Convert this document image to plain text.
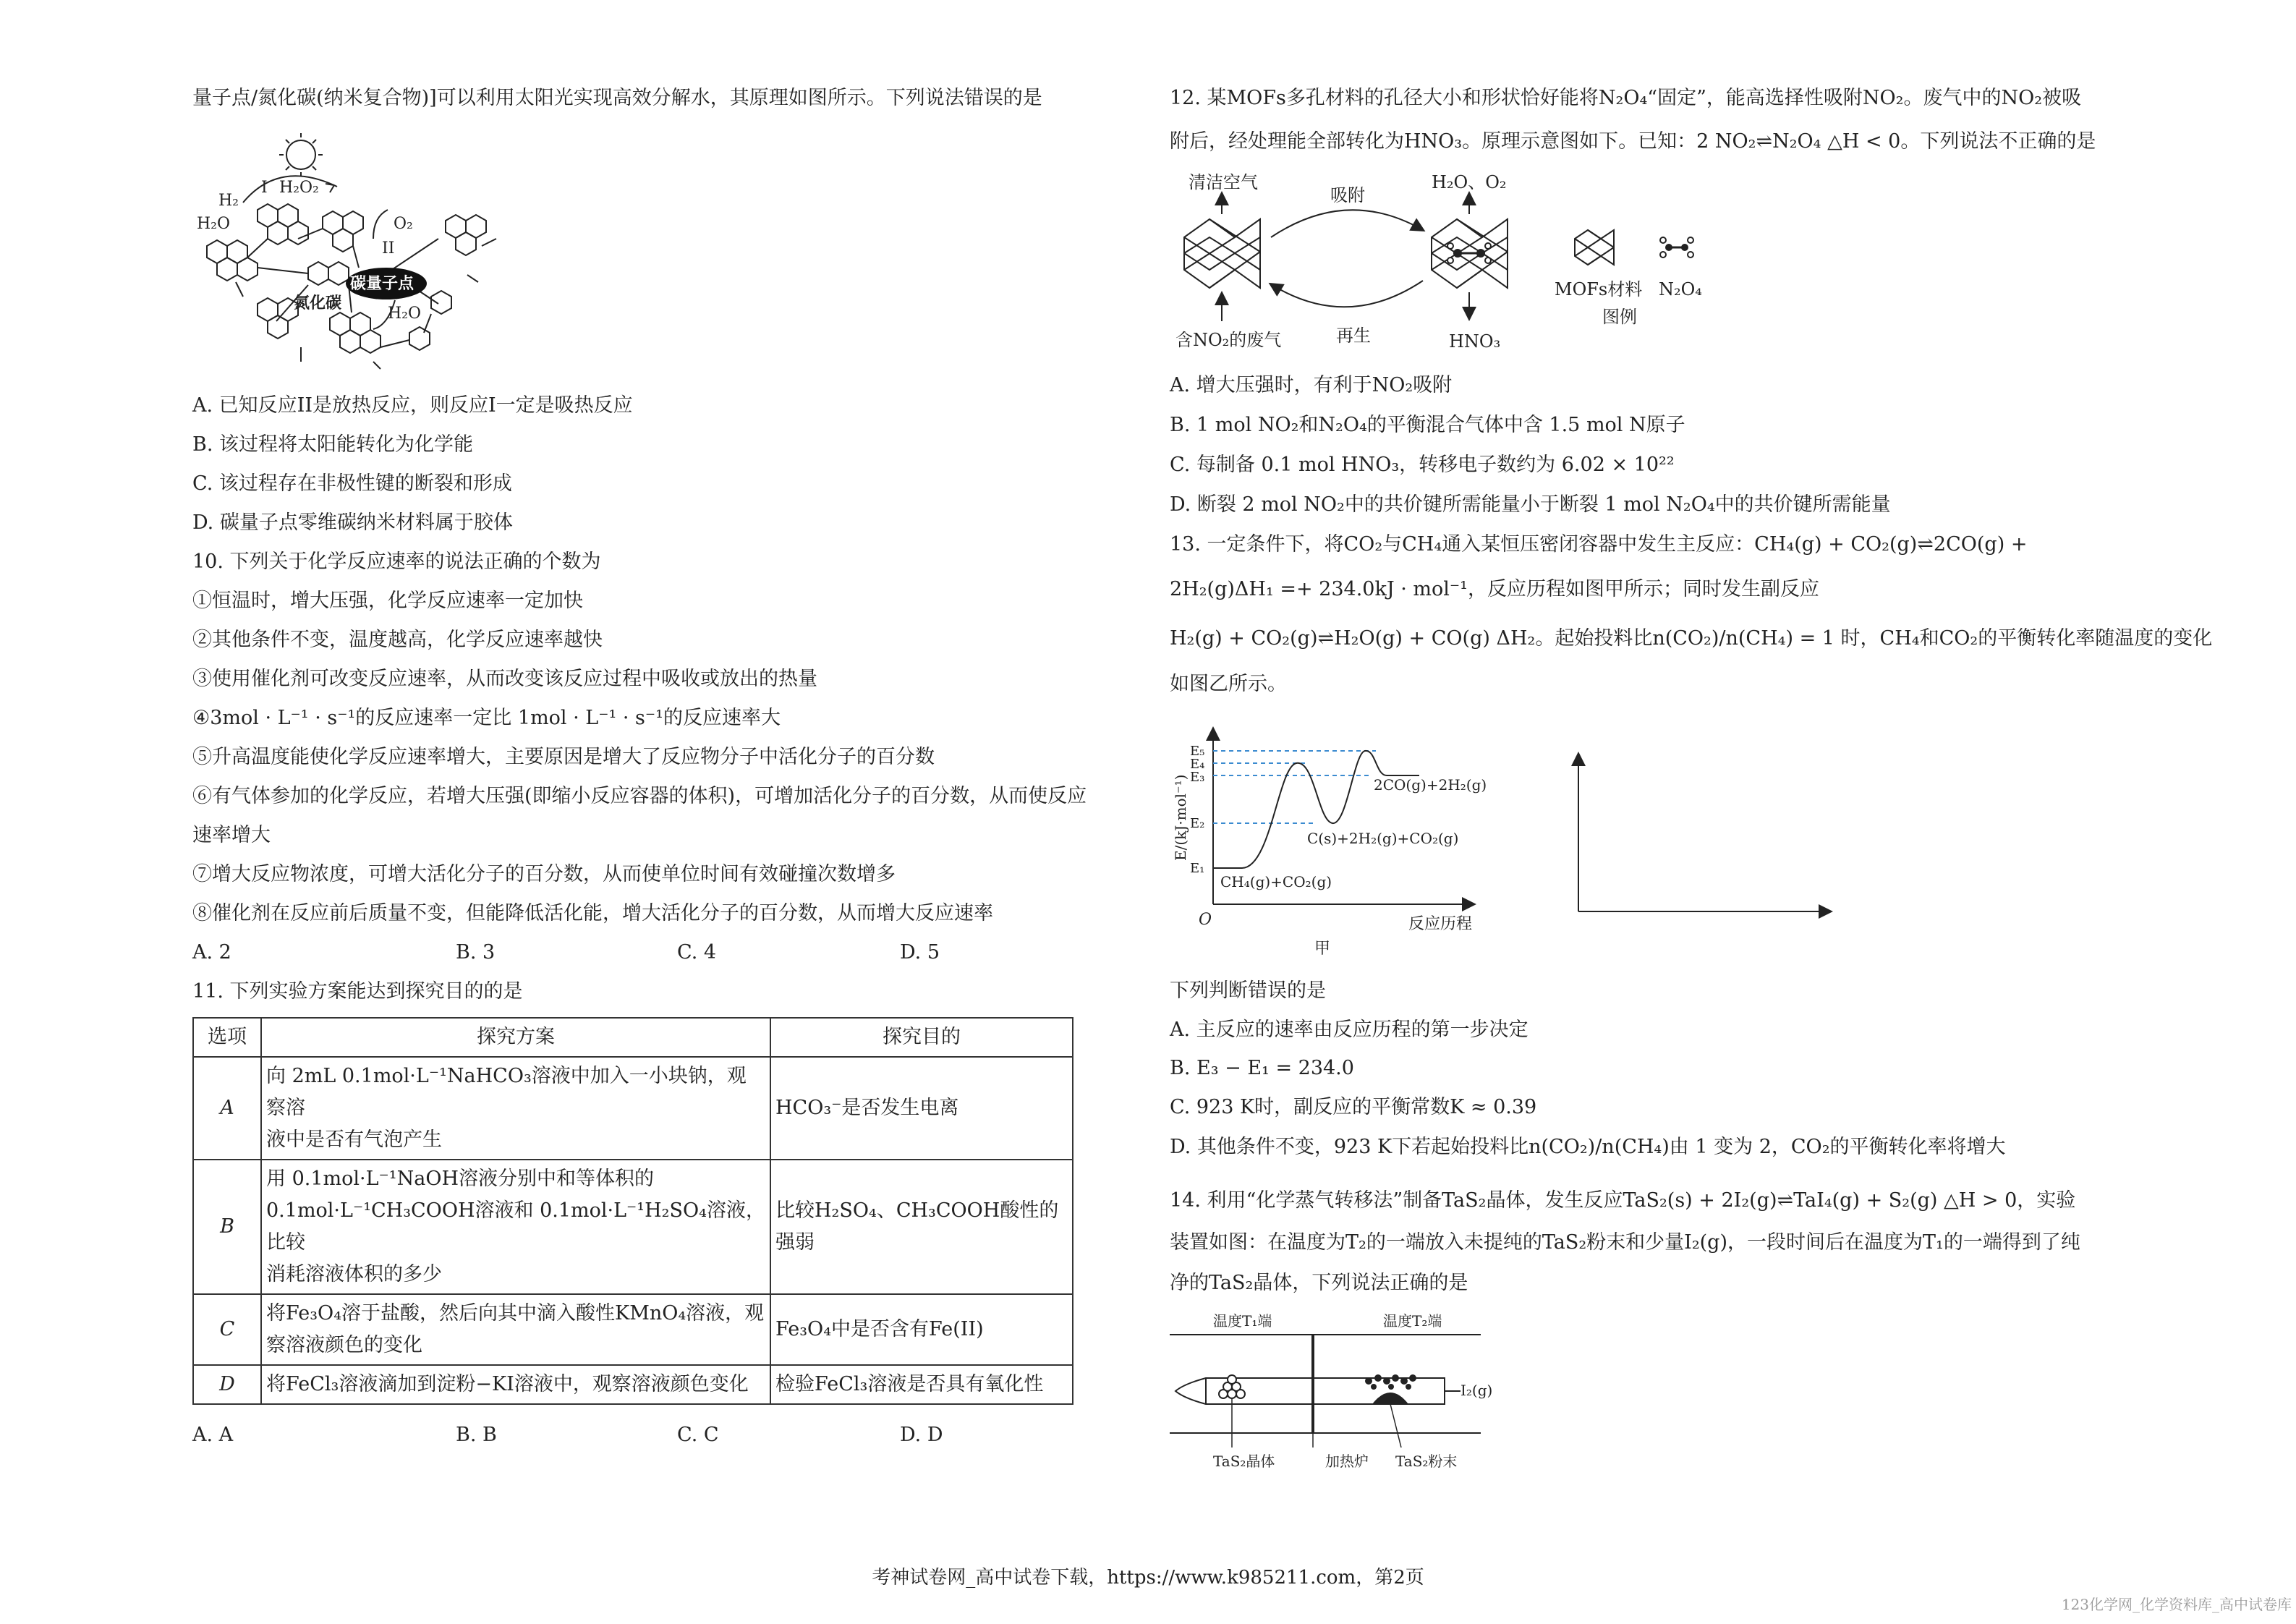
量子点/氮化碳(纳米复合物)]可以利用太阳光实现高效分解水，其原理如图所示。下列说法错误的是
H₂
I H₂O₂
H₂O	O₂
II
碳量子点
氮化碳
H₂O
A. 已知反应II是放热反应，则反应I一定是吸热反应
B. 该过程将太阳能转化为化学能
C. 该过程存在非极性键的断裂和形成
D. 碳量子点零维碳纳米材料属于胶体
10. 下列关于化学反应速率的说法正确的个数为
①恒温时，增大压强，化学反应速率一定加快
②其他条件不变，温度越高，化学反应速率越快
③使用催化剂可改变反应速率，从而改变该反应过程中吸收或放出的热量
④3mol · L⁻¹ · s⁻¹的反应速率一定比 1mol · L⁻¹ · s⁻¹的反应速率大
⑤升高温度能使化学反应速率增大，主要原因是增大了反应物分子中活化分子的百分数
⑥有气体参加的化学反应，若增大压强(即缩小反应容器的体积)，可增加活化分子的百分数，从而使反应
速率增大
⑦增大反应物浓度，可增大活化分子的百分数，从而使单位时间有效碰撞次数增多
⑧催化剂在反应前后质量不变，但能降低活化能，增大活化分子的百分数，从而增大反应速率
A. 2	B. 3	C. 4	D. 5
11. 下列实验方案能达到探究目的的是
选项	探究方案	探究目的
A	向 2mL 0.1mol·L⁻¹NaHCO₃溶液中加入一小块钠，观察溶
液中是否有气泡产生	HCO₃⁻是否发生电离
B	用 0.1mol·L⁻¹NaOH溶液分别中和等体积的
0.1mol·L⁻¹CH₃COOH溶液和 0.1mol·L⁻¹H₂SO₄溶液，比较
消耗溶液体积的多少	比较H₂SO₄、CH₃COOH酸性的强弱
C	将Fe₃O₄溶于盐酸，然后向其中滴入酸性KMnO₄溶液，观
察溶液颜色的变化	Fe₃O₄中是否含有Fe(II)
D	将FeCl₃溶液滴加到淀粉−KI溶液中，观察溶液颜色变化	检验FeCl₃溶液是否具有氧化性
A. A	B. B	C. C	D. D
12. 某MOFs多孔材料的孔径大小和形状恰好能将N₂O₄“固定”，能高选择性吸附NO₂。废气中的NO₂被吸
附后，经处理能全部转化为HNO₃。原理示意图如下。已知：2 NO₂⇌N₂O₄ △H < 0。下列说法不正确的是
清洁空气
吸附
H₂O、O₂
含NO₂的废气	再生	HNO₃
MOFs材料 N₂O₄
图例
A. 增大压强时，有利于NO₂吸附
B. 1 mol NO₂和N₂O₄的平衡混合气体中含 1.5 mol N原子
C. 每制备 0.1 mol HNO₃，转移电子数约为 6.02 × 10²²
D. 断裂 2 mol NO₂中的共价键所需能量小于断裂 1 mol N₂O₄中的共价键所需能量
13. 一定条件下，将CO₂与CH₄通入某恒压密闭容器中发生主反应：CH₄(g) + CO₂(g)⇌2CO(g) +
2H₂(g)ΔH₁ =+ 234.0kJ · mol⁻¹，反应历程如图甲所示；同时发生副反应
H₂(g) + CO₂(g)⇌H₂O(g) + CO(g) ΔH₂。起始投料比n(CO₂)/n(CH₄) = 1 时，CH₄和CO₂的平衡转化率随温度的变化
如图乙所示。
E₅
E₄
E₃
E₂
E₁
2CO(g)+2H₂(g)
C(s)+2H₂(g)+CO₂(g)
CH₄(g)+CO₂(g)
O	反应历程
E/(kJ·mol⁻¹)
甲
下列判断错误的是
A. 主反应的速率由反应历程的第一步决定
B. E₃ − E₁ = 234.0
C. 923 K时，副反应的平衡常数K ≈ 0.39
D. 其他条件不变，923 K下若起始投料比n(CO₂)/n(CH₄)由 1 变为 2，CO₂的平衡转化率将增大
14. 利用“化学蒸气转移法”制备TaS₂晶体，发生反应TaS₂(s) + 2I₂(g)⇌TaI₄(g) + S₂(g) △H > 0，实验
装置如图：在温度为T₂的一端放入未提纯的TaS₂粉末和少量I₂(g)，一段时间后在温度为T₁的一端得到了纯
净的TaS₂晶体，下列说法正确的是
温度T₁端	温度T₂端
I₂(g)
TaS₂晶体	加热炉 TaS₂粉末
考神试卷网_高中试卷下载，https://www.k985211.com，第2页
123化学网_化学资料库_高中试卷库
